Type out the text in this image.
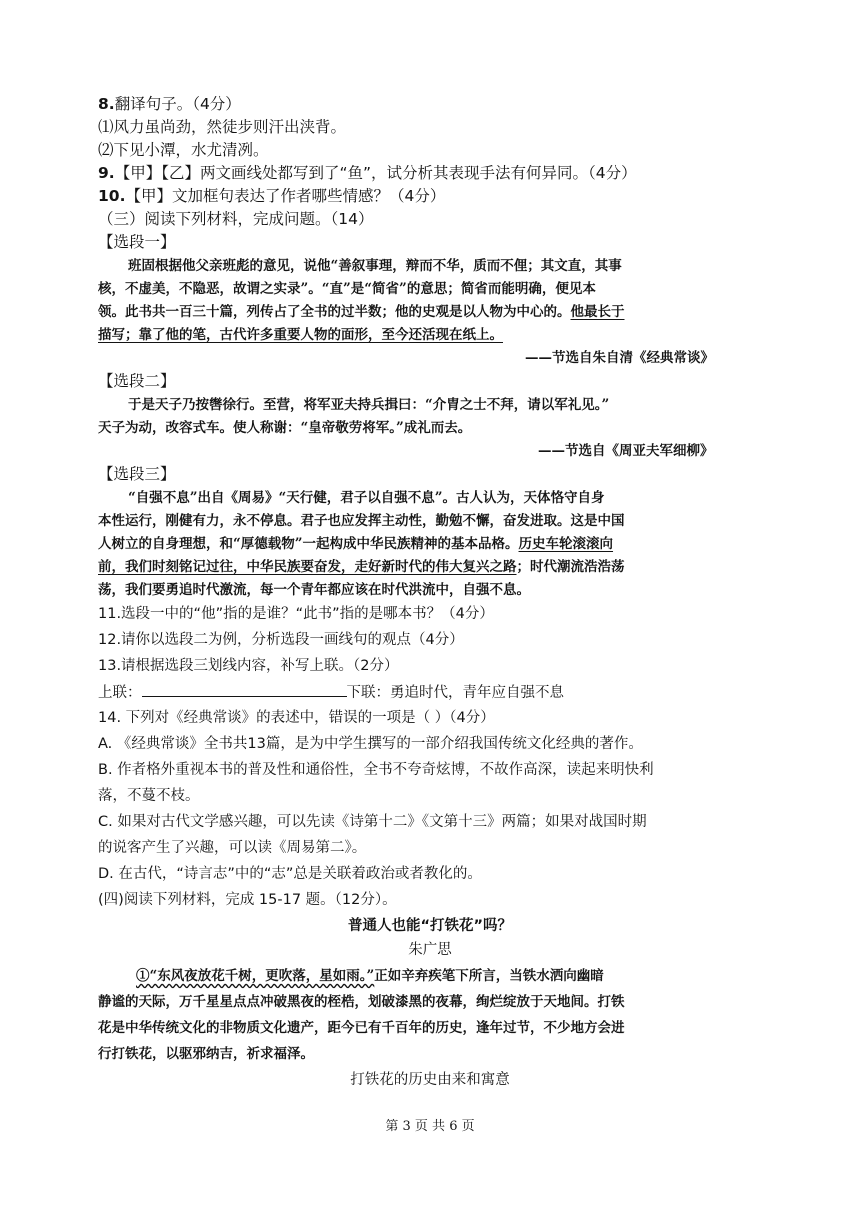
8.翻译句子。（4分）
⑴风力虽尚劲，然徒步则汗出浃背。
⑵下见小潭，水尤清冽。
9.【甲】【乙】两文画线处都写到了“鱼”，试分析其表现手法有何异同。（4分）
10.【甲】文加框句表达了作者哪些情感？（4分）
（三）阅读下列材料，完成问题。（14）
【选段一】
班固根据他父亲班彪的意见，说他“善叙事理，辩而不华，质而不俚；其文直，其事
核，不虚美，不隐恶，故谓之实录”。“直”是“简省”的意思；简省而能明确，便见本
领。此书共一百三十篇，列传占了全书的过半数；他的史观是以人物为中心的。他最长于
描写；靠了他的笔，古代许多重要人物的面形，至今还活现在纸上。
——节选自朱自清《经典常谈》
【选段二】
于是天子乃按辔徐行。至营，将军亚夫持兵揖曰：“介胄之士不拜，请以军礼见。”
天子为动，改容式车。使人称谢：“皇帝敬劳将军。”成礼而去。
——节选自《周亚夫军细柳》
【选段三】
“自强不息”出自《周易》“天行健，君子以自强不息”。古人认为，天体恪守自身
本性运行，刚健有力，永不停息。君子也应发挥主动性，勤勉不懈，奋发进取。这是中国
人树立的自身理想，和“厚德载物”一起构成中华民族精神的基本品格。历史车轮滚滚向
前，我们时刻铭记过往，中华民族要奋发，走好新时代的伟大复兴之路；时代潮流浩浩荡
荡，我们要勇追时代激流，每一个青年都应该在时代洪流中，自强不息。
11.选段一中的“他”指的是谁？“此书”指的是哪本书？（4分）
12.请你以选段二为例，分析选段一画线句的观点（4分）
13.请根据选段三划线内容，补写上联。（2分）
上联：	下联：勇追时代，青年应自强不息
14. 下列对《经典常谈》的表述中，错误的一项是（ ）（4分）
A. 《经典常谈》全书共13篇，是为中学生撰写的一部介绍我国传统文化经典的著作。
B. 作者格外重视本书的普及性和通俗性，全书不夸奇炫博，不故作高深，读起来明快利
落，不蔓不枝。
C. 如果对古代文学感兴趣，可以先读《诗第十二》《文第十三》两篇；如果对战国时期
的说客产生了兴趣，可以读《周易第二》。
D. 在古代，“诗言志”中的“志”总是关联着政治或者教化的。
(四)阅读下列材料，完成 15-17 题。（12分）。
普通人也能“打铁花”吗？
朱广思
①“东风夜放花千树，更吹落，星如雨。”正如辛弃疾笔下所言，当铁水洒向幽暗
静谧的天际，万千星星点点冲破黑夜的桎梏，划破漆黑的夜幕，绚烂绽放于天地间。打铁
花是中华传统文化的非物质文化遗产，距今已有千百年的历史，逢年过节，不少地方会进
行打铁花，以驱邪纳吉，祈求福泽。
打铁花的历史由来和寓意
第 3 页 共 6 页
